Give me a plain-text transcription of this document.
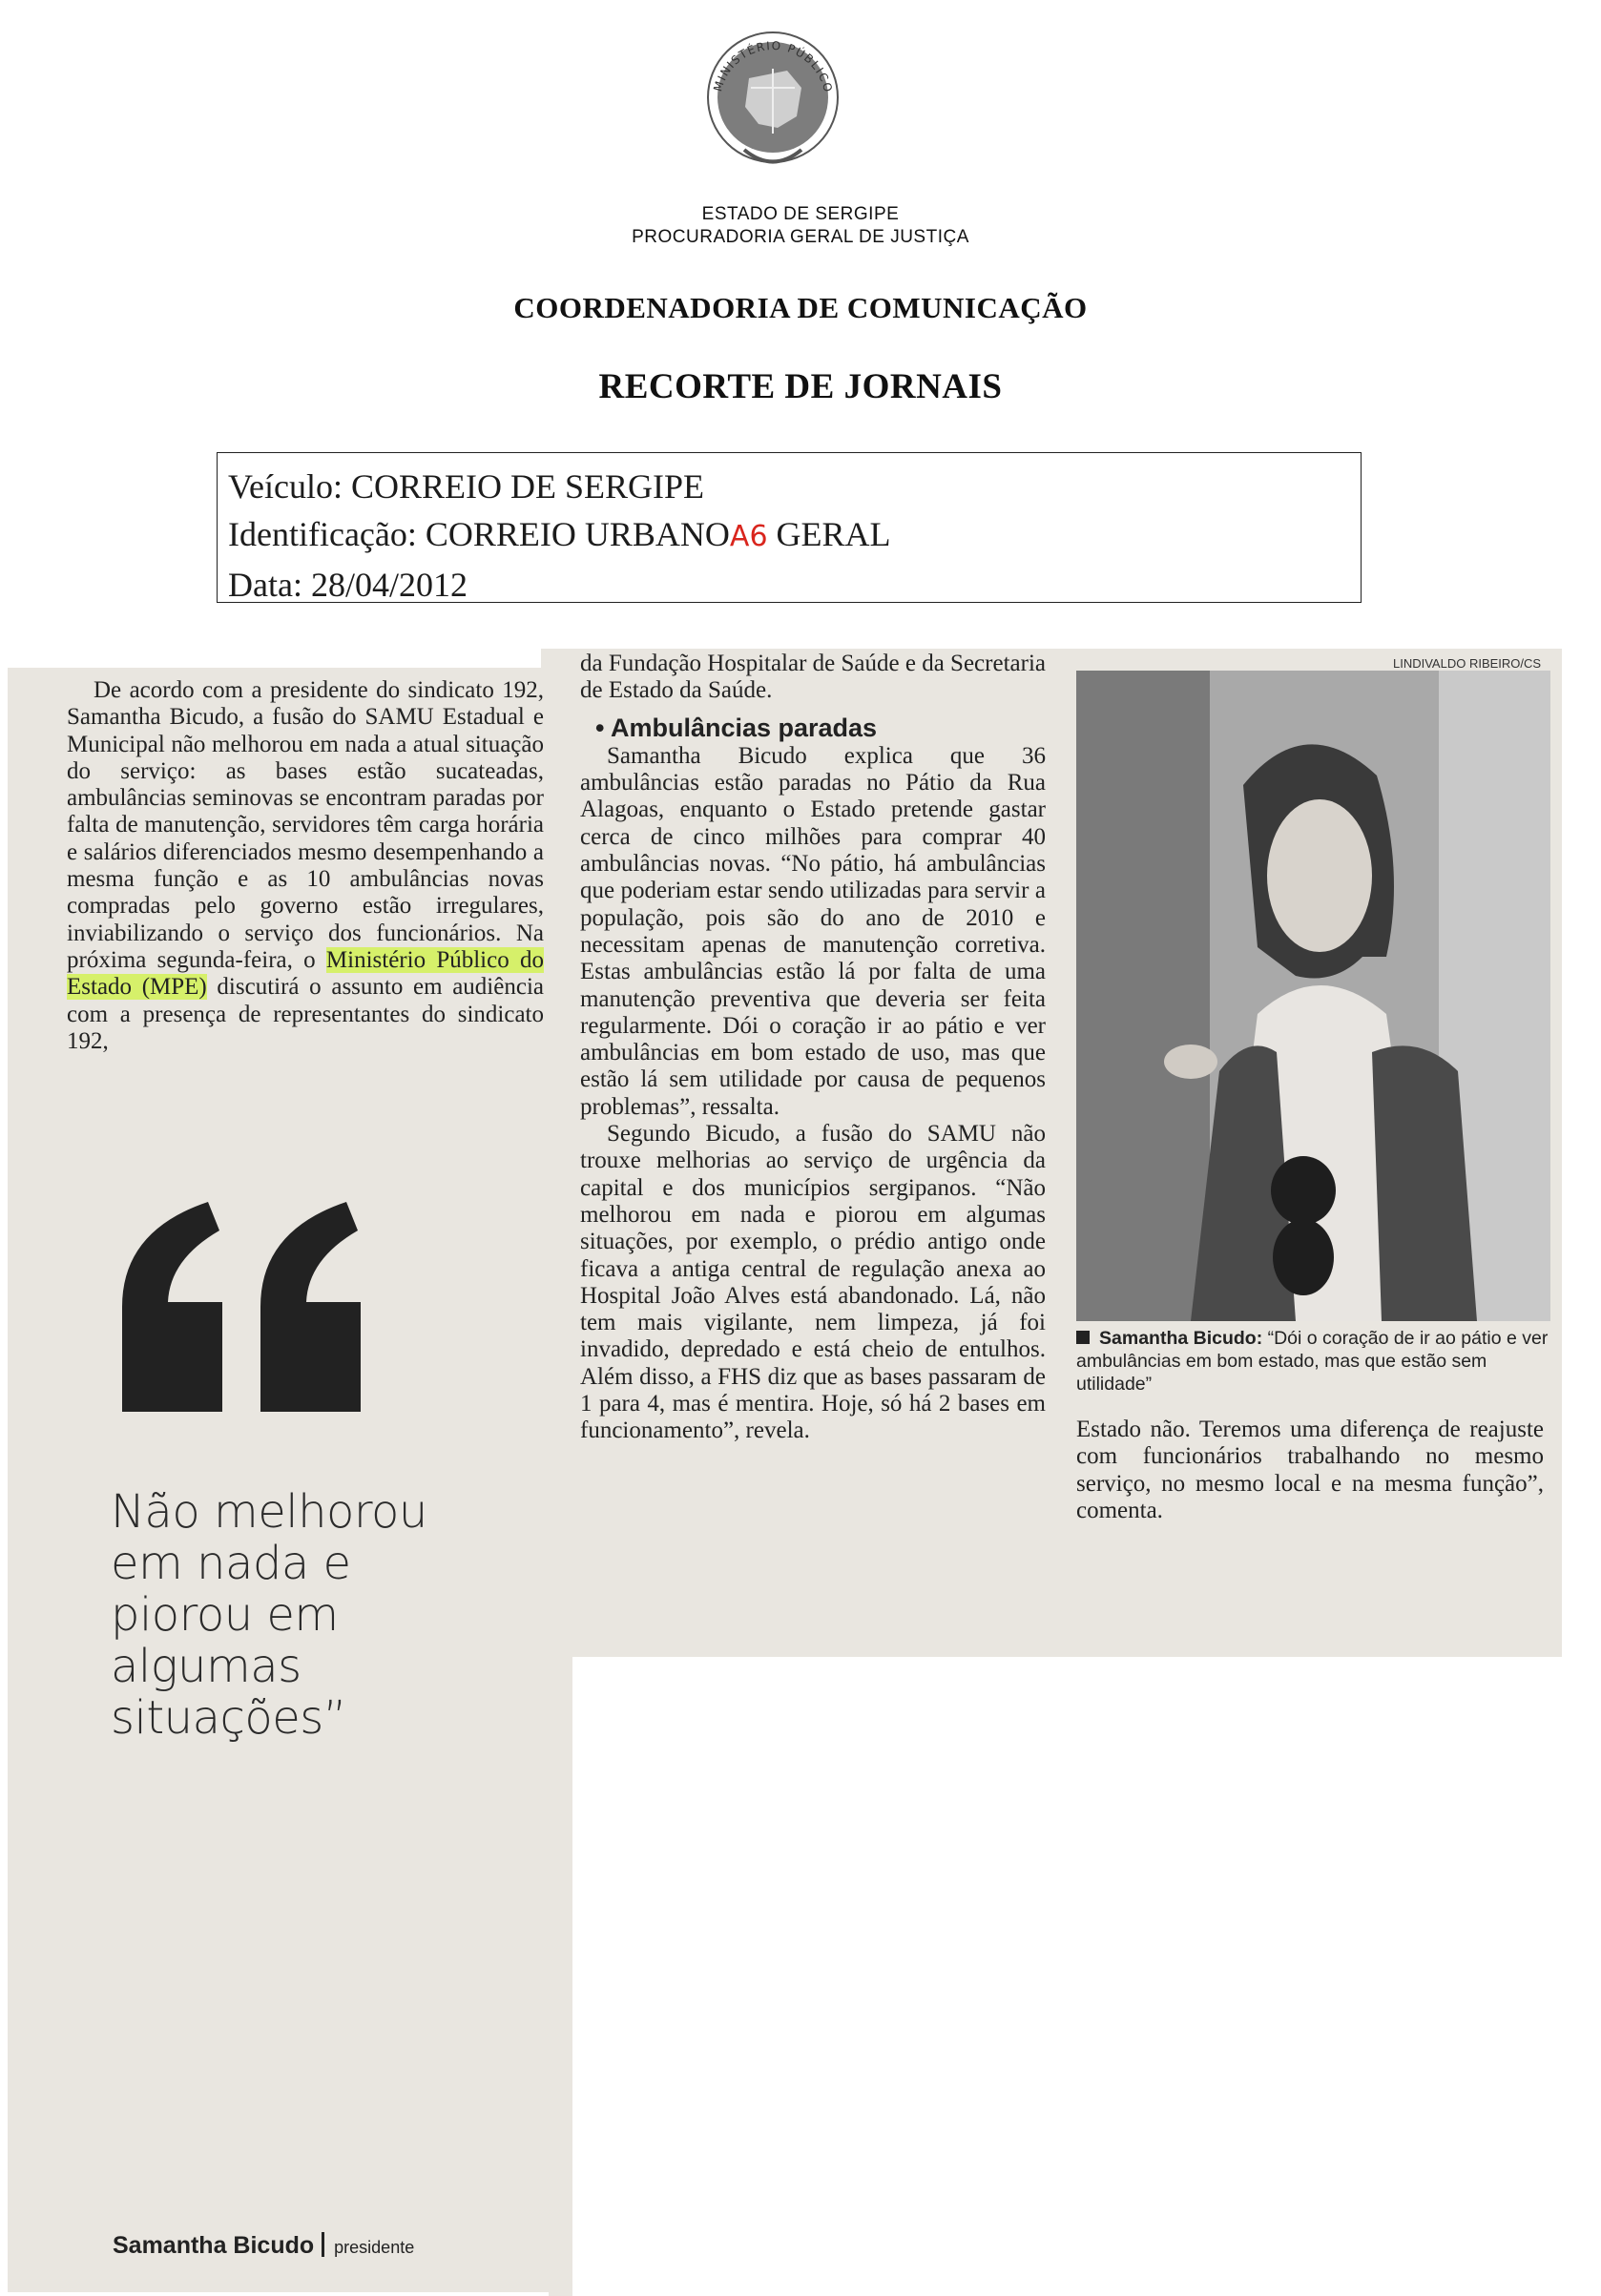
MINISTÉRIO PÚBLICO
ESTADO DE SERGIPE
PROCURADORIA GERAL DE JUSTIÇA
COORDENADORIA DE COMUNICAÇÃO
RECORTE DE JORNAIS
Veículo: CORREIO DE SERGIPE
Identificação: CORREIO URBANOA6 GERAL
Data: 28/04/2012

De acordo com a presidente do sindicato 192, Samantha Bicudo, a fusão do SAMU Estadual e Municipal não melhorou em nada a atual situação do serviço: as bases estão sucateadas, ambulâncias seminovas se encontram paradas por falta de manutenção, servidores têm carga horária e salários diferenciados mesmo desempenhando a mesma função e as 10 ambulâncias novas compradas pelo governo estão irregulares, inviabilizando o serviço dos funcionários. Na próxima segunda-feira, o Ministério Público do Estado (MPE) discutirá o assunto em audiência com a presença de representantes do sindicato 192,

da Fundação Hospitalar de Saúde e da Secretaria de Estado da Saúde.

• Ambulâncias paradas

Samantha Bicudo explica que 36 ambulâncias estão paradas no Pátio da Rua Alagoas, enquanto o Estado pretende gastar cerca de cinco milhões para comprar 40 ambulâncias novas. “No pátio, há ambulâncias que poderiam estar sendo utilizadas para servir a população, pois são do ano de 2010 e necessitam apenas de manutenção corretiva. Estas ambulâncias estão lá por falta de uma manutenção preventiva que deveria ser feita regularmente. Dói o coração ir ao pátio e ver ambulâncias em bom estado de uso, mas que estão lá sem utilidade por causa de pequenos problemas”, ressalta.

Segundo Bicudo, a fusão do SAMU não trouxe melhorias ao serviço de urgência da capital e dos municípios sergipanos. “Não melhorou em nada e piorou em algumas situações, por exemplo, o prédio antigo onde ficava a antiga central de regulação anexa ao Hospital João Alves está abandonado. Lá, não tem mais vigilante, nem limpeza, já foi invadido, depredado e está cheio de entulhos. Além disso, a FHS diz que as bases passaram de 1 para 4, mas é mentira. Hoje, só há 2 bases em funcionamento”, revela.

Não melhorou em nada e piorou em algumas situações”
Samantha Bicudo presidente
LINDIVALDO RIBEIRO/CS
Samantha Bicudo: “Dói o coração de ir ao pátio e ver ambulâncias em bom estado, mas que estão sem utilidade”

Estado não. Teremos uma diferença de reajuste com funcionários trabalhando no mesmo serviço, no mesmo local e na mesma função”, comenta.
